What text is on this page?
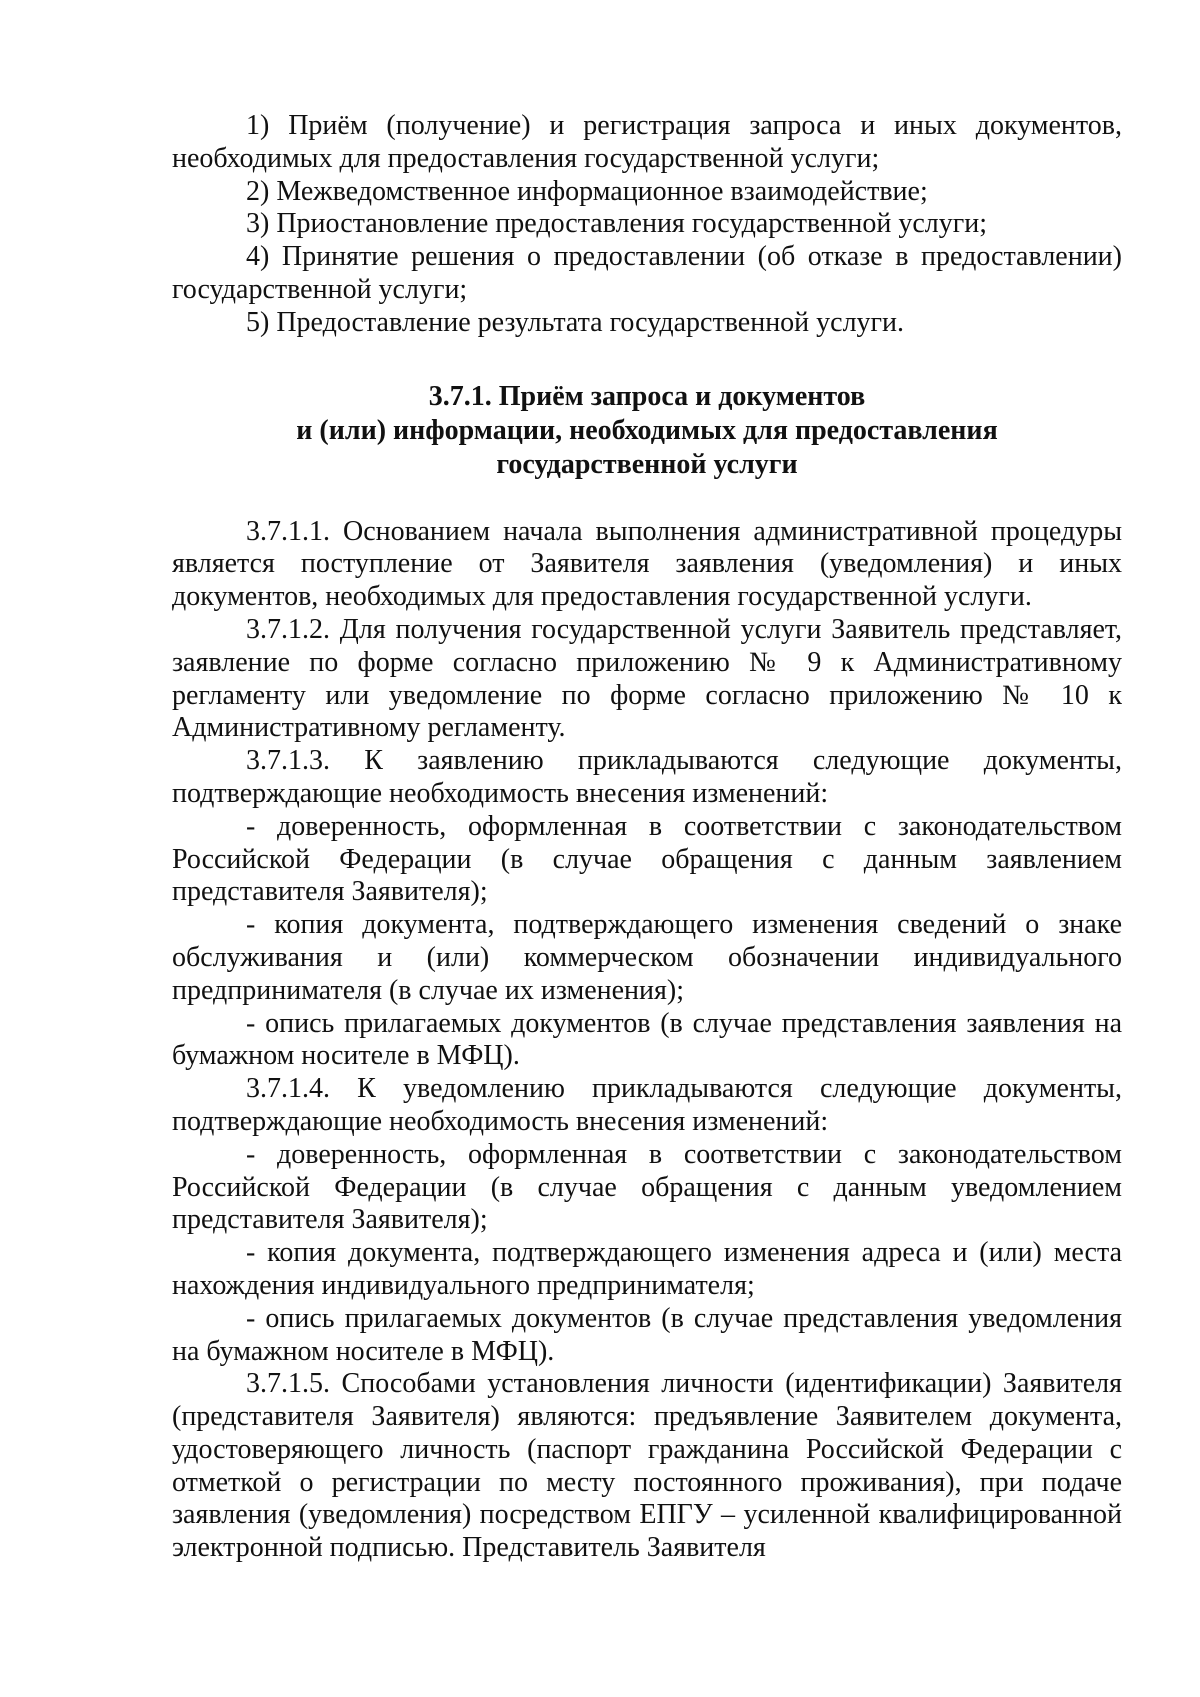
1) Приём (получение) и регистрация запроса и иных документов, необходимых для предоставления государственной услуги;

2) Межведомственное информационное взаимодействие;

3) Приостановление предоставления государственной услуги;

4) Принятие решения о предоставлении (об отказе в предоставлении) государственной услуги;

5) Предоставление результата государственной услуги.

3.7.1. Приём запроса и документов
и (или) информации, необходимых для предоставления
государственной услуги

3.7.1.1. Основанием начала выполнения административной процедуры является поступление от Заявителя заявления (уведомления) и иных документов, необходимых для предоставления государственной услуги.

3.7.1.2. Для получения государственной услуги Заявитель представляет, заявление по форме согласно приложению № 9 к Административному регламенту или уведомление по форме согласно приложению № 10 к Административному регламенту.

3.7.1.3. К заявлению прикладываются следующие документы, подтверждающие необходимость внесения изменений:

- доверенность, оформленная в соответствии с законодательством Российской Федерации (в случае обращения с данным заявлением представителя Заявителя);

- копия документа, подтверждающего изменения сведений о знаке обслуживания и (или) коммерческом обозначении индивидуального предпринимателя (в случае их изменения);

- опись прилагаемых документов (в случае представления заявления на бумажном носителе в МФЦ).

3.7.1.4. К уведомлению прикладываются следующие документы, подтверждающие необходимость внесения изменений:

- доверенность, оформленная в соответствии с законодательством Российской Федерации (в случае обращения с данным уведомлением представителя Заявителя);

- копия документа, подтверждающего изменения адреса и (или) места нахождения индивидуального предпринимателя;

- опись прилагаемых документов (в случае представления уведомления на бумажном носителе в МФЦ).

3.7.1.5. Способами установления личности (идентификации) Заявителя (представителя Заявителя) являются: предъявление Заявителем документа, удостоверяющего личность (паспорт гражданина Российской Федерации с отметкой о регистрации по месту постоянного проживания), при подаче заявления (уведомления) посредством ЕПГУ – усиленной квалифицированной электронной подписью. Представитель Заявителя
